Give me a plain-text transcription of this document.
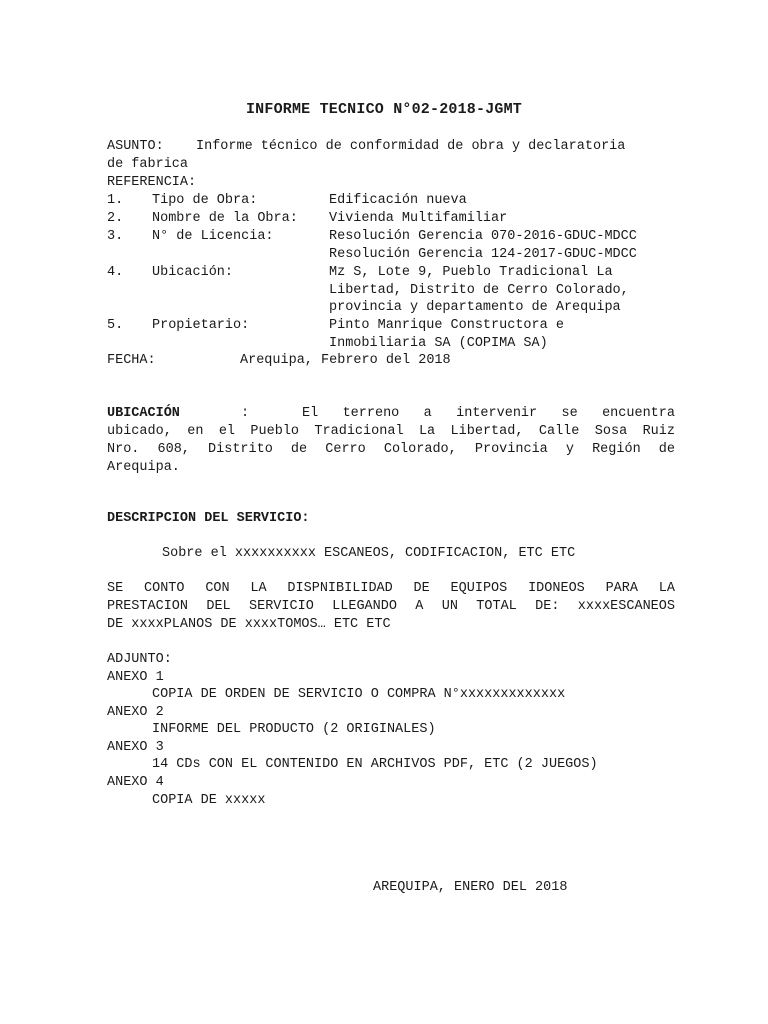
INFORME TECNICO N°02-2018-JGMT
ASUNTO: Informe técnico de conformidad de obra y declaratoria
de fabrica
REFERENCIA:
1. Tipo de Obra:	Edificación nueva
2. Nombre de la Obra: Vivienda Multifamiliar
3. N° de Licencia:	Resolución Gerencia 070-2016-GDUC-MDCC
Resolución Gerencia 124-2017-GDUC-MDCC
4. Ubicación:	Mz S, Lote 9, Pueblo Tradicional La
Libertad, Distrito de Cerro Colorado,
provincia y departamento de Arequipa
5. Propietario:	Pinto Manrique Constructora e
Inmobiliaria SA (COPIMA SA)
FECHA:	Arequipa, Febrero del 2018
UBICACIÓN	:	El terreno a intervenir se encuentra
ubicado, en el Pueblo Tradicional La Libertad, Calle Sosa Ruiz
Nro. 608, Distrito de Cerro Colorado, Provincia y Región de
Arequipa.
DESCRIPCION DEL SERVICIO:
Sobre el xxxxxxxxxx ESCANEOS, CODIFICACION, ETC ETC
SE CONTO CON LA DISPNIBILIDAD DE EQUIPOS IDONEOS PARA LA
PRESTACION DEL SERVICIO LLEGANDO A UN TOTAL DE: xxxxESCANEOS
DE xxxxPLANOS DE xxxxTOMOS… ETC ETC
ADJUNTO:
ANEXO 1
COPIA DE ORDEN DE SERVICIO O COMPRA N°xxxxxxxxxxxxx
ANEXO 2
INFORME DEL PRODUCTO (2 ORIGINALES)
ANEXO 3
14 CDs CON EL CONTENIDO EN ARCHIVOS PDF, ETC (2 JUEGOS)
ANEXO 4
COPIA DE xxxxx
AREQUIPA, ENERO DEL 2018
